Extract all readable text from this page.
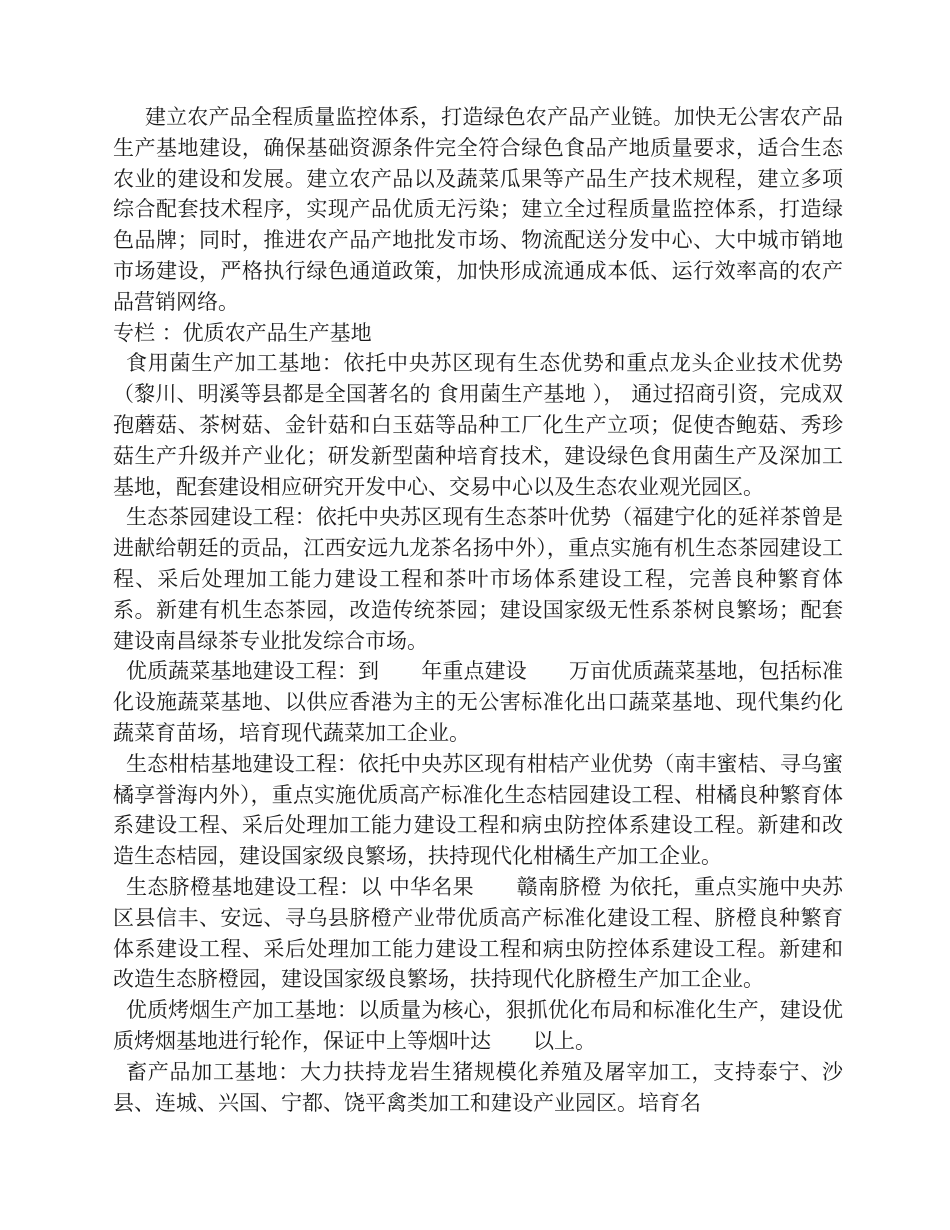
建立农产品全程质量监控体系，打造绿色农产品产业链。加快无公害农产品生产基地建设，确保基础资源条件完全符合绿色食品产地质量要求，适合生态农业的建设和发展。建立农产品以及蔬菜瓜果等产品生产技术规程，建立多项综合配套技术程序，实现产品优质无污染；建立全过程质量监控体系，打造绿色品牌；同时，推进农产品产地批发市场、物流配送分发中心、大中城市销地市场建设，严格执行绿色通道政策，加快形成流通成本低、运行效率高的农产品营销网络。

专栏 ：优质农产品生产基地

食用菌生产加工基地：依托中央苏区现有生态优势和重点龙头企业技术优势（黎川、明溪等县都是全国著名的 食用菌生产基地 ）， 通过招商引资，完成双孢蘑菇、茶树菇、金针菇和白玉菇等品种工厂化生产立项；促使杏鲍菇、秀珍菇生产升级并产业化；研发新型菌种培育技术，建设绿色食用菌生产及深加工基地，配套建设相应研究开发中心、交易中心以及生态农业观光园区。

生态茶园建设工程：依托中央苏区现有生态茶叶优势（福建宁化的延祥茶曾是进献给朝廷的贡品，江西安远九龙茶名扬中外），重点实施有机生态茶园建设工程、采后处理加工能力建设工程和茶叶市场体系建设工程，完善良种繁育体系。新建有机生态茶园，改造传统茶园；建设国家级无性系茶树良繁场；配套建设南昌绿茶专业批发综合市场。

优质蔬菜基地建设工程：到　　年重点建设　　万亩优质蔬菜基地，包括标准化设施蔬菜基地、以供应香港为主的无公害标准化出口蔬菜基地、现代集约化蔬菜育苗场，培育现代蔬菜加工企业。

生态柑桔基地建设工程：依托中央苏区现有柑桔产业优势（南丰蜜桔、寻乌蜜橘享誉海内外），重点实施优质高产标准化生态桔园建设工程、柑橘良种繁育体系建设工程、采后处理加工能力建设工程和病虫防控体系建设工程。新建和改造生态桔园，建设国家级良繁场，扶持现代化柑橘生产加工企业。

生态脐橙基地建设工程：以 中华名果　　赣南脐橙 为依托，重点实施中央苏区县信丰、安远、寻乌县脐橙产业带优质高产标准化建设工程、脐橙良种繁育体系建设工程、采后处理加工能力建设工程和病虫防控体系建设工程。新建和改造生态脐橙园，建设国家级良繁场，扶持现代化脐橙生产加工企业。

优质烤烟生产加工基地：以质量为核心，狠抓优化布局和标准化生产，建设优质烤烟基地进行轮作，保证中上等烟叶达　　以上。

畜产品加工基地：大力扶持龙岩生猪规模化养殖及屠宰加工，支持泰宁、沙县、连城、兴国、宁都、饶平禽类加工和建设产业园区。培育名
